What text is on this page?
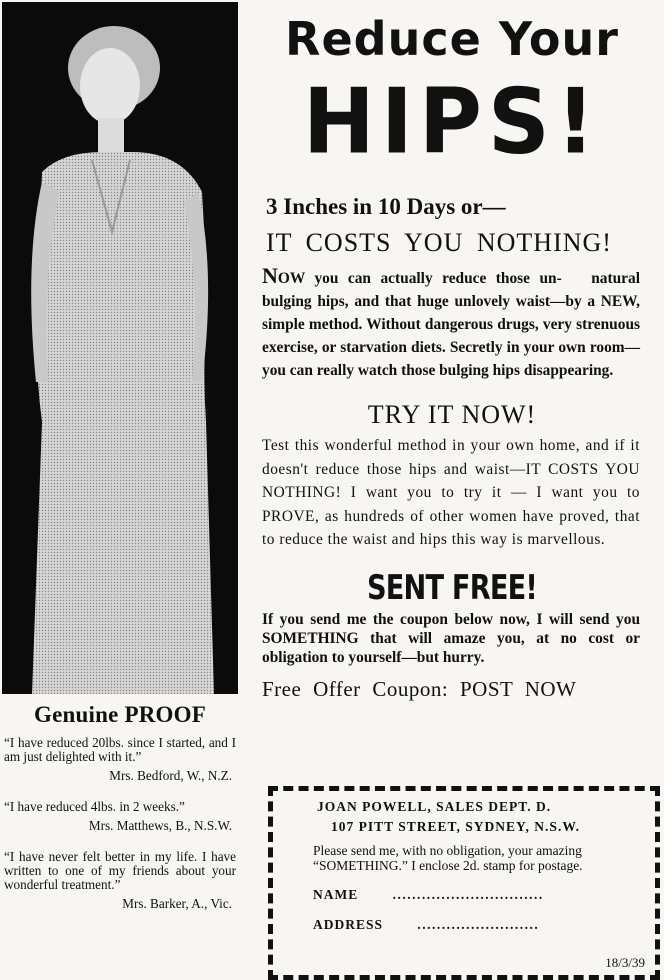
Genuine PROOF

“I have reduced 20lbs. since I started, and I am just delighted with it.”

Mrs. Bedford, W., N.Z.

“I have reduced 4lbs. in 2 weeks.”

Mrs. Matthews, B., N.S.W.

“I have never felt better in my life. I have written to one of my friends about your wonderful treatment.”

Mrs. Barker, A., Vic.
Reduce Your
HIPS!
3 Inches in 10 Days or—
IT COSTS YOU NOTHING!
NOW you can actually reduce those un- natural bulging hips, and that huge unlovely waist—by a NEW, simple method. Without dangerous drugs, very strenuous exercise, or starvation diets. Secretly in your own room—you can really watch those bulging hips disappearing.
TRY IT NOW!
Test this wonderful method in your own home, and if it doesn't reduce those hips and waist—IT COSTS YOU NOTHING! I want you to try it — I want you to PROVE, as hundreds of other women have proved, that to reduce the waist and hips this way is marvellous.
SENT FREE!
If you send me the coupon below now, I will send you SOMETHING that will amaze you, at no cost or obligation to yourself—but hurry.
Free Offer Coupon: POST NOW
JOAN POWELL, SALES DEPT. D.
107 PITT STREET, SYDNEY, N.S.W.
Please send me, with no obligation, your amazing “SOMETHING.” I enclose 2d. stamp for postage.
NAME	...............................
ADDRESS	.........................
18/3/39
